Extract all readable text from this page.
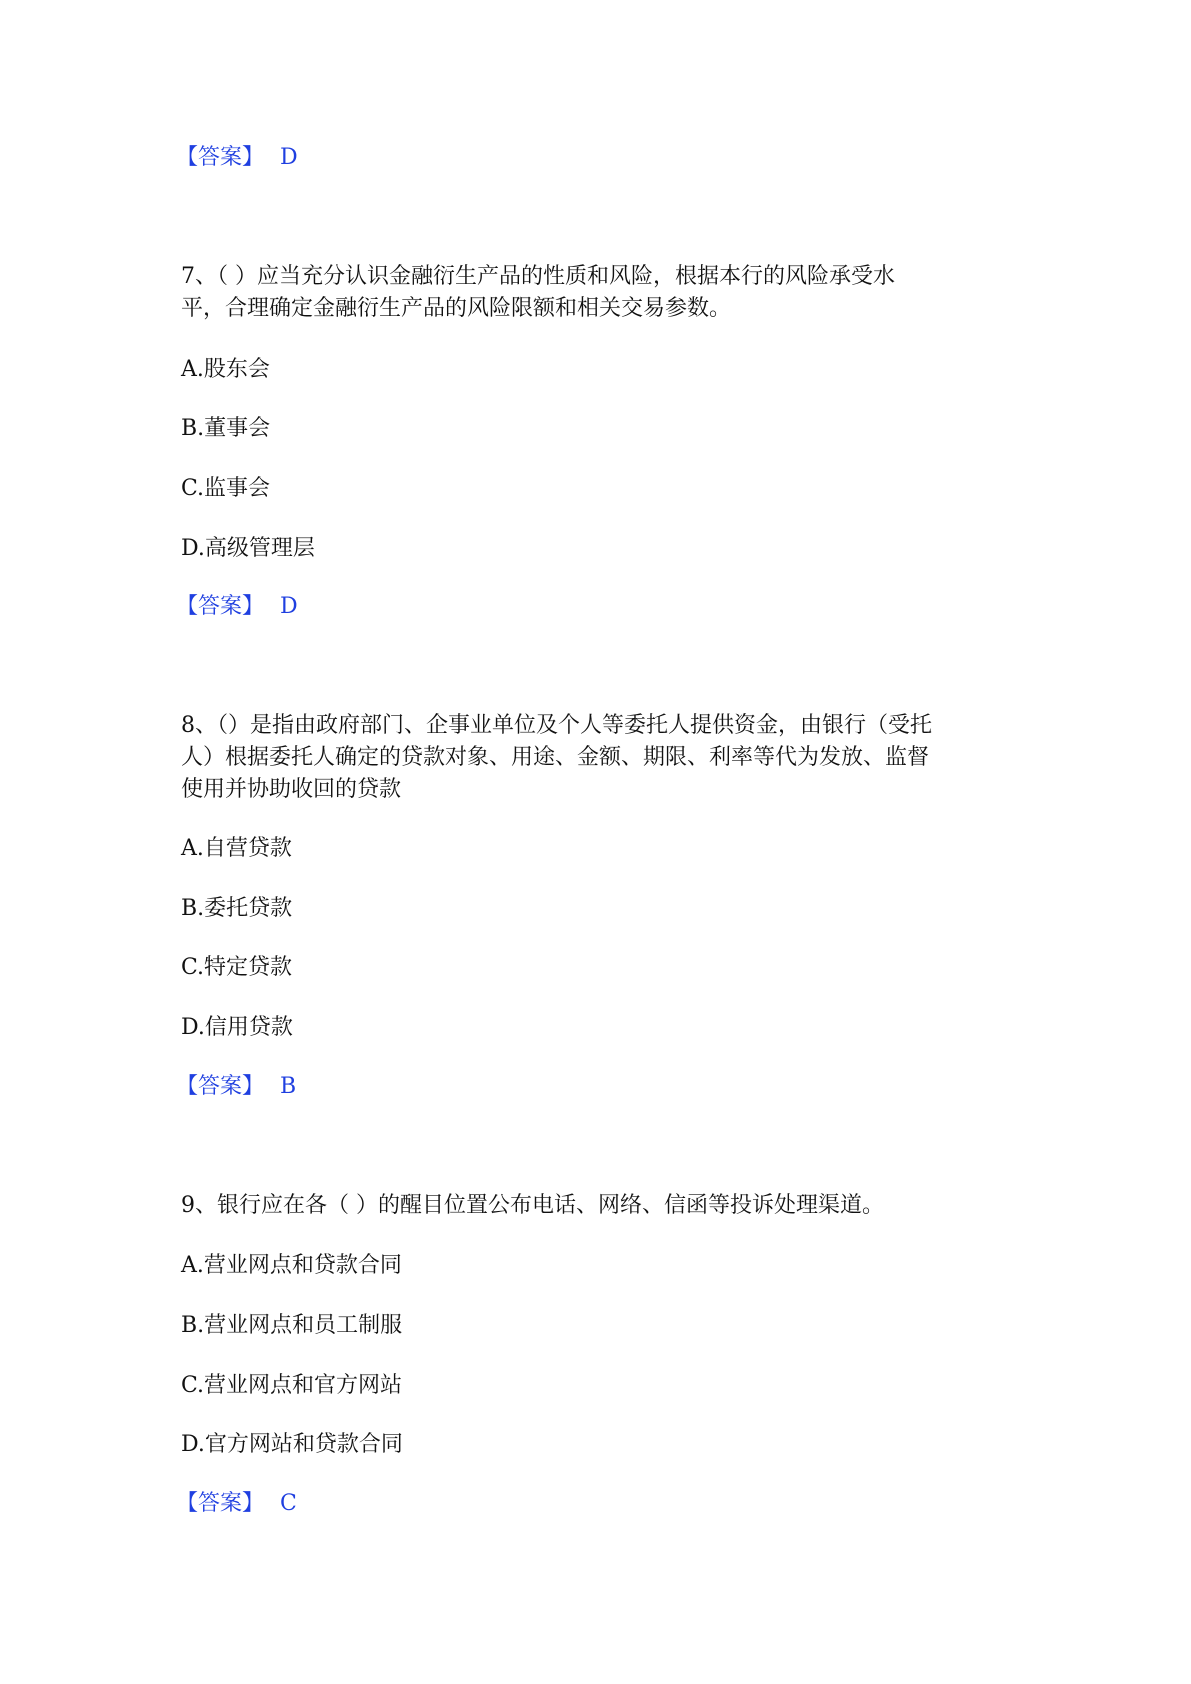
【答案】 D
7、（ ）应当充分认识金融衍生产品的性质和风险，根据本行的风险承受水
平，合理确定金融衍生产品的风险限额和相关交易参数。
A.股东会
B.董事会
C.监事会
D.高级管理层
【答案】 D
8、（）是指由政府部门、企事业单位及个人等委托人提供资金，由银行（受托
人）根据委托人确定的贷款对象、用途、金额、期限、利率等代为发放、监督
使用并协助收回的贷款
A.自营贷款
B.委托贷款
C.特定贷款
D.信用贷款
【答案】 B
9、银行应在各（ ）的醒目位置公布电话、网络、信函等投诉处理渠道。
A.营业网点和贷款合同
B.营业网点和员工制服
C.营业网点和官方网站
D.官方网站和贷款合同
【答案】 C
